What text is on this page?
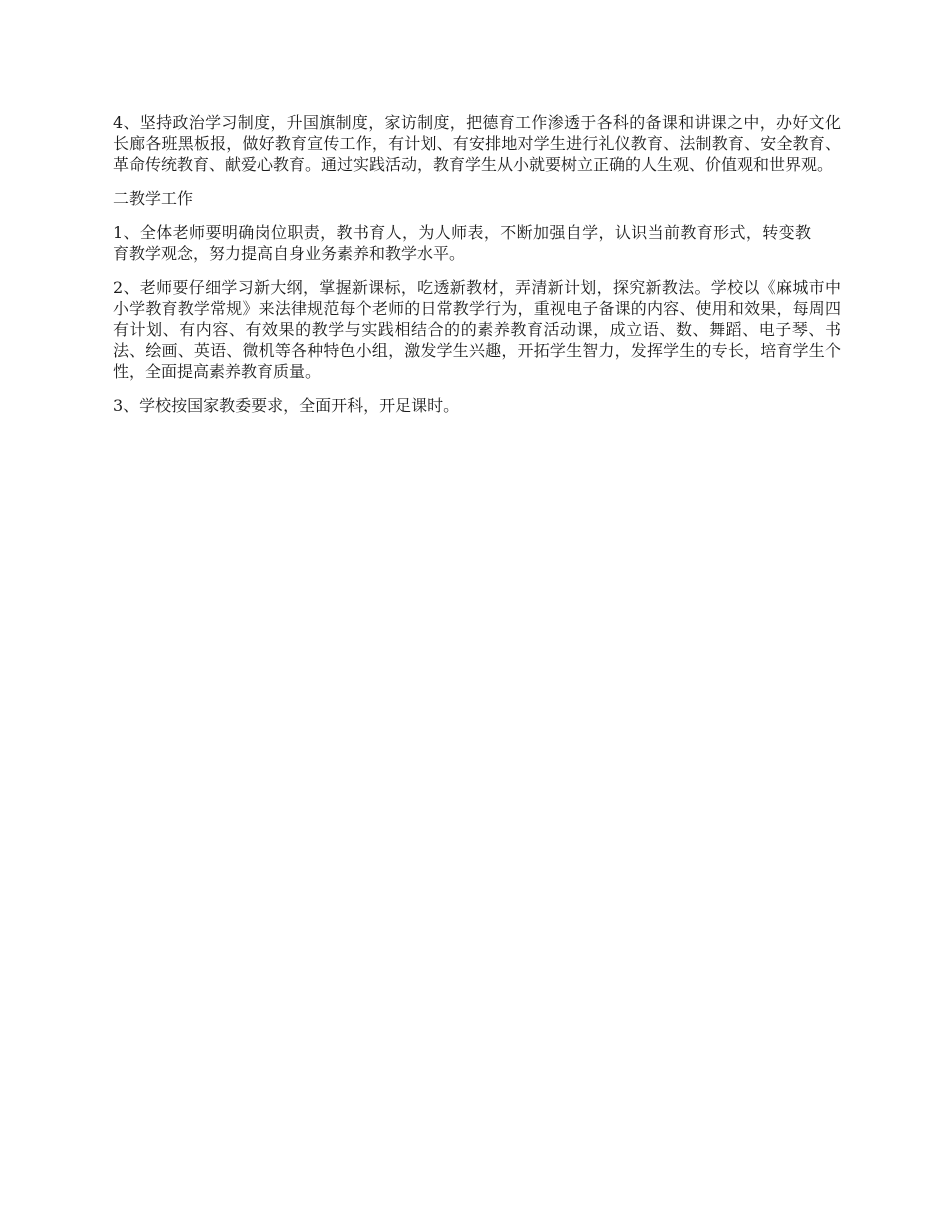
4、坚持政治学习制度，升国旗制度，家访制度，把德育工作渗透于各科的备课和讲课之中，办好文化长廊各班黑板报，做好教育宣传工作，有计划、有安排地对学生进行礼仪教育、法制教育、安全教育、革命传统教育、献爱心教育。通过实践活动，教育学生从小就要树立正确的人生观、价值观和世界观。

二教学工作

1、全体老师要明确岗位职责，教书育人，为人师表，不断加强自学，认识当前教育形式，转变教育教学观念，努力提高自身业务素养和教学水平。

2、老师要仔细学习新大纲，掌握新课标，吃透新教材，弄清新计划，探究新教法。学校以《麻城市中小学教育教学常规》来法律规范每个老师的日常教学行为，重视电子备课的内容、使用和效果，每周四有计划、有内容、有效果的教学与实践相结合的的素养教育活动课，成立语、数、舞蹈、电子琴、书法、绘画、英语、微机等各种特色小组，激发学生兴趣，开拓学生智力，发挥学生的专长，培育学生个性，全面提高素养教育质量。

3、学校按国家教委要求，全面开科，开足课时。
